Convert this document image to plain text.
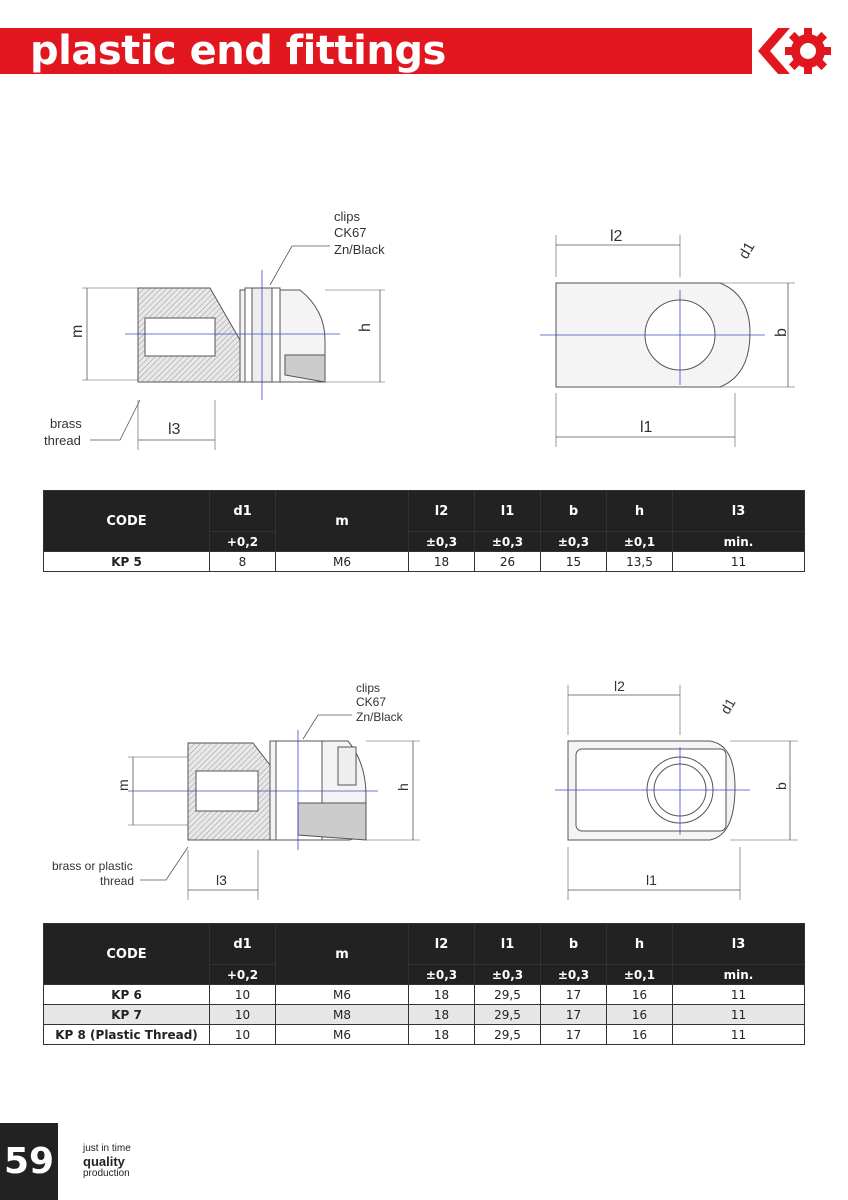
plastic end fittings
m	h
l3
clips
CK67
Zn/Black
brass
thread
l2
d1
b
l1
CODE	d1	m	l2	l1	b	h	l3
	+0,2		±0,3	±0,3	±0,3	±0,1	min.
KP 5	8	M6	18	26	15	13,5	11
m	h
l3
clips
CK67
Zn/Black
brass or plastic
thread
l2
d1
b
l1
CODE	d1	m	l2	l1	b	h	l3
	+0,2		±0,3	±0,3	±0,3	±0,1	min.
KP 6	10	M6	18	29,5	17	16	11
KP 7	10	M8	18	29,5	17	16	11
KP 8 (Plastic Thread)	10	M6	18	29,5	17	16	11
59	just in time
quality
production
